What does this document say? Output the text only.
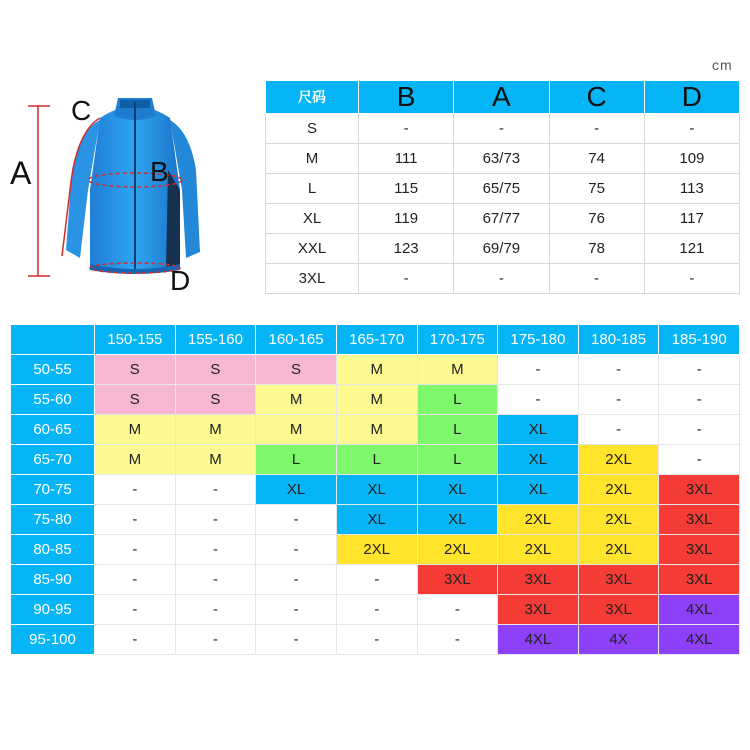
A
C
B
D
cm
尺码	B	A	C	D
S	-	-	-	-
M	111	63/73	74	109
L	115	65/75	75	113
XL	119	67/77	76	117
XXL	123	69/79	78	121
3XL	-	-	-	-
	150-155	155-160	160-165	165-170	170-175	175-180	180-185	185-190
50-55	S	S	S	M	M	-	-	-
55-60	S	S	M	M	L	-	-	-
60-65	M	M	M	M	L	XL	-	-
65-70	M	M	L	L	L	XL	2XL	-
70-75	-	-	XL	XL	XL	XL	2XL	3XL
75-80	-	-	-	XL	XL	2XL	2XL	3XL
80-85	-	-	-	2XL	2XL	2XL	2XL	3XL
85-90	-	-	-	-	3XL	3XL	3XL	3XL
90-95	-	-	-	-	-	3XL	3XL	4XL
95-100	-	-	-	-	-	4XL	4X	4XL
